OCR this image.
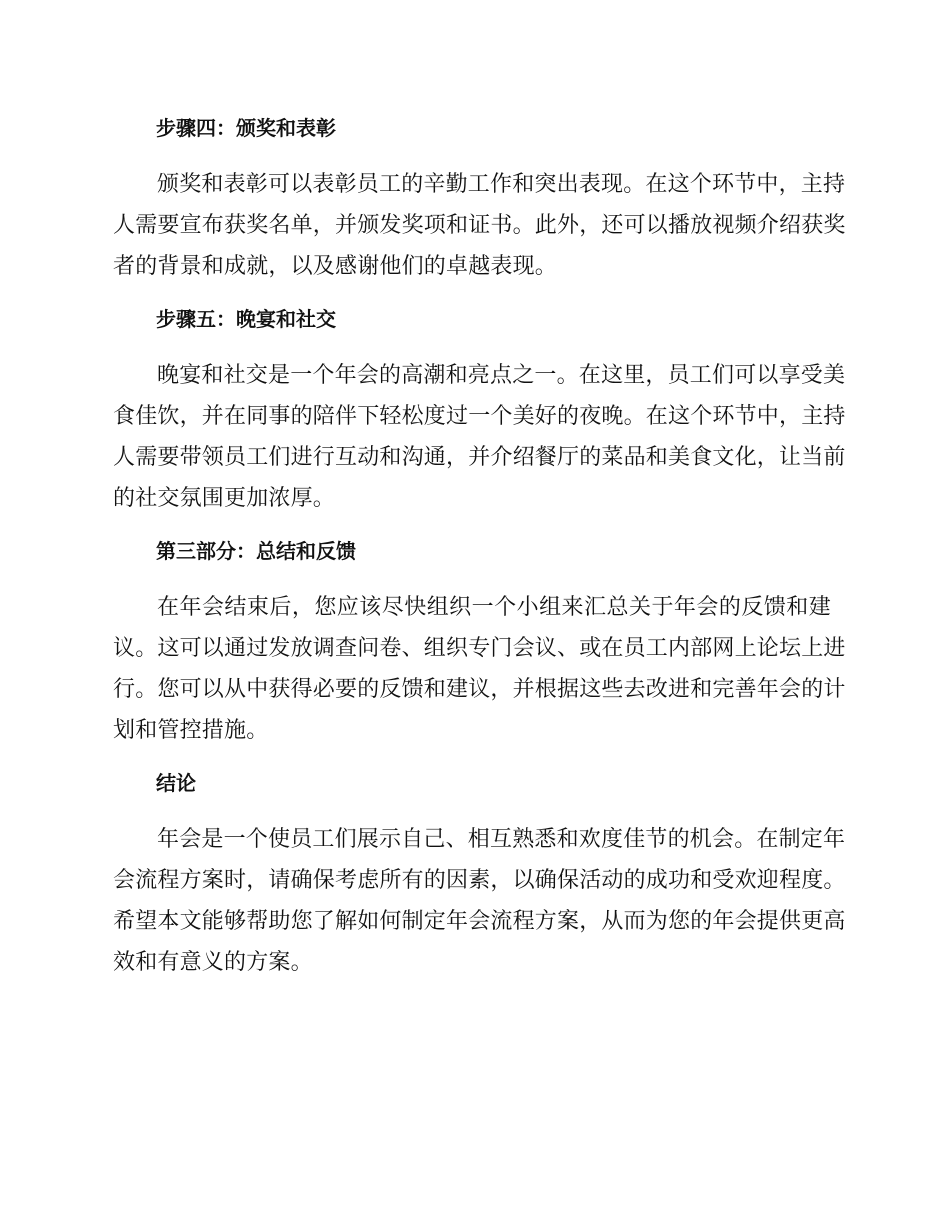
步骤四：颁奖和表彰
颁奖和表彰可以表彰员工的辛勤工作和突出表现。在这个环节中，主持
人需要宣布获奖名单，并颁发奖项和证书。此外，还可以播放视频介绍获奖
者的背景和成就，以及感谢他们的卓越表现。
步骤五：晚宴和社交
晚宴和社交是一个年会的高潮和亮点之一。在这里，员工们可以享受美
食佳饮，并在同事的陪伴下轻松度过一个美好的夜晚。在这个环节中，主持
人需要带领员工们进行互动和沟通，并介绍餐厅的菜品和美食文化，让当前
的社交氛围更加浓厚。
第三部分：总结和反馈
在年会结束后，您应该尽快组织一个小组来汇总关于年会的反馈和建
议。这可以通过发放调查问卷、组织专门会议、或在员工内部网上论坛上进
行。您可以从中获得必要的反馈和建议，并根据这些去改进和完善年会的计
划和管控措施。
结论
年会是一个使员工们展示自己、相互熟悉和欢度佳节的机会。在制定年
会流程方案时，请确保考虑所有的因素，以确保活动的成功和受欢迎程度。
希望本文能够帮助您了解如何制定年会流程方案，从而为您的年会提供更高
效和有意义的方案。
